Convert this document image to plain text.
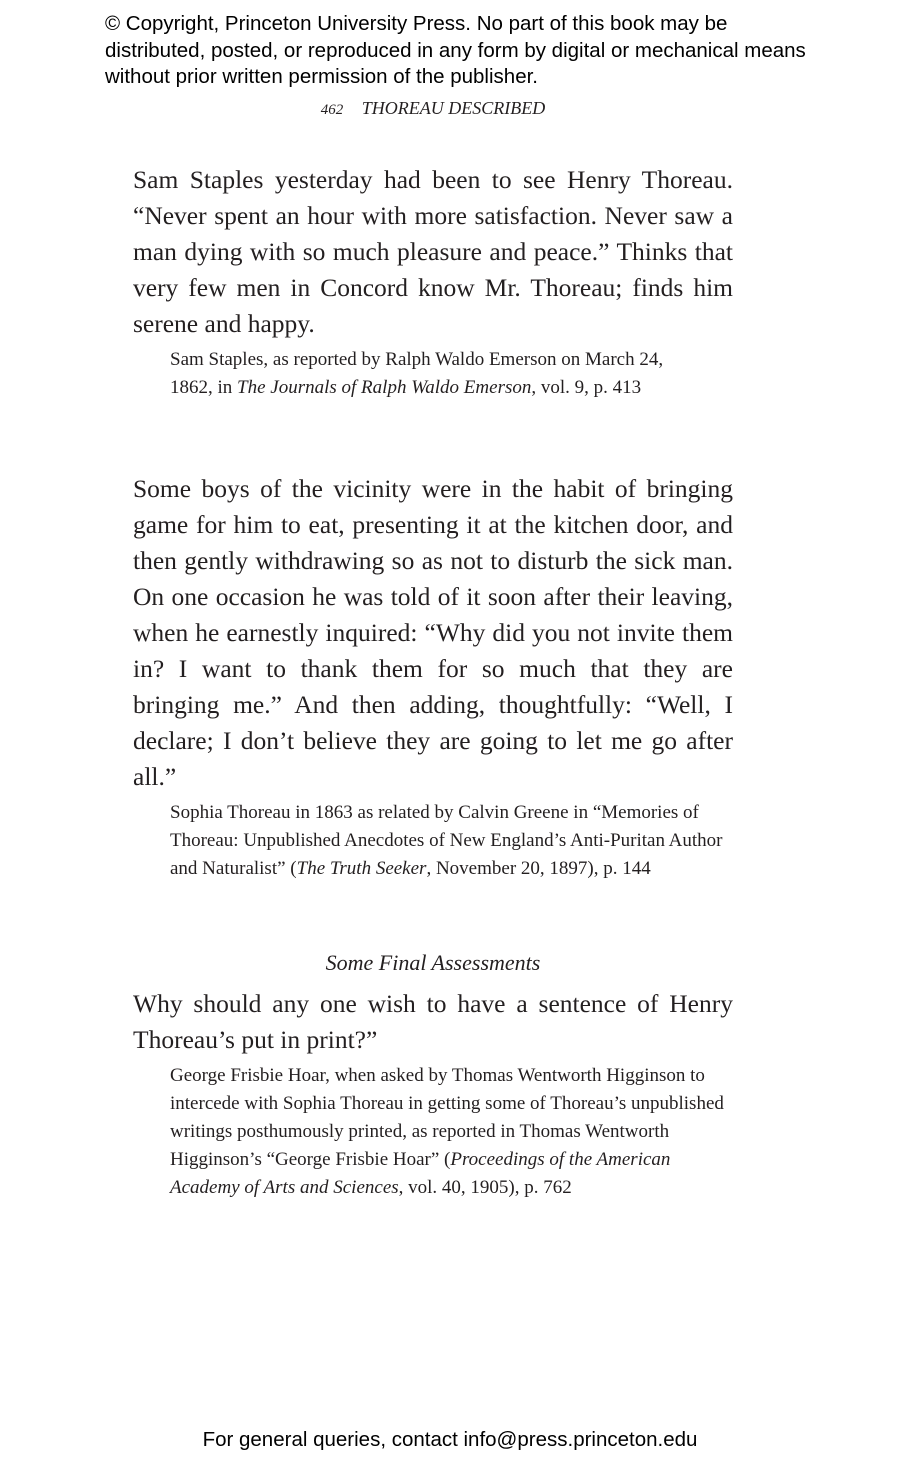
© Copyright, Princeton University Press. No part of this book may be distributed, posted, or reproduced in any form by digital or mechanical means without prior written permission of the publisher.

462 THOREAU DESCRIBED

Sam Staples yesterday had been to see Henry Thoreau. “Never spent an hour with more satisfaction. Never saw a man dying with so much pleasure and peace.” Thinks that very few men in Concord know Mr. Thoreau; finds him serene and happy.

Sam Staples, as reported by Ralph Waldo Emerson on March 24, 1862, in The Journals of Ralph Waldo Emerson, vol. 9, p. 413

Some boys of the vicinity were in the habit of bringing game for him to eat, presenting it at the kitchen door, and then gently withdrawing so as not to disturb the sick man. On one occasion he was told of it soon after their leaving, when he earnestly inquired: “Why did you not invite them in? I want to thank them for so much that they are bringing me.” And then adding, thoughtfully: “Well, I declare; I don’t believe they are going to let me go after all.”

Sophia Thoreau in 1863 as related by Calvin Greene in “Memories of Thoreau: Unpublished Anecdotes of New England’s Anti-Puritan Author and Naturalist” (The Truth Seeker, November 20, 1897), p. 144

Some Final Assessments

Why should any one wish to have a sentence of Henry Thoreau’s put in print?”

George Frisbie Hoar, when asked by Thomas Wentworth Higginson to intercede with Sophia Thoreau in getting some of Thoreau’s unpublished writings posthumously printed, as reported in Thomas Wentworth Higginson’s “George Frisbie Hoar” (Proceedings of the American Academy of Arts and Sciences, vol. 40, 1905), p. 762

For general queries, contact info@press.princeton.edu
